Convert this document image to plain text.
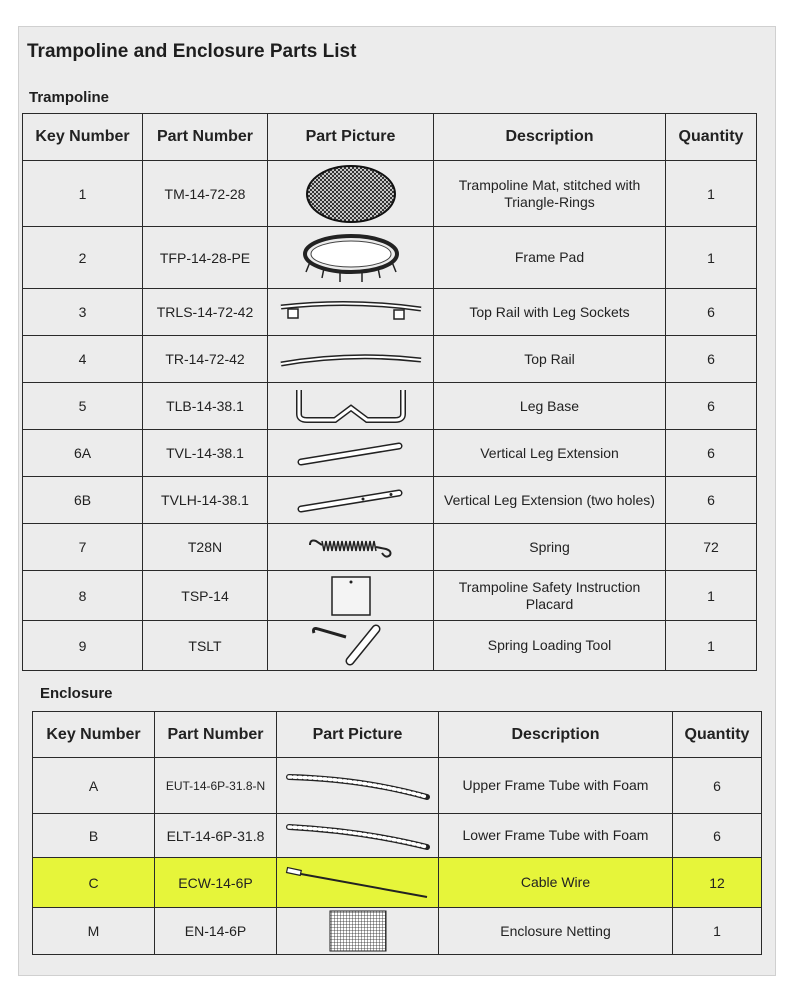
Trampoline and Enclosure Parts List
Trampoline
Key Number	Part Number	Part Picture	Description	Quantity
1	TM-14-72-28		Trampoline Mat, stitched with Triangle-Rings	1
2	TFP-14-28-PE		Frame Pad	1
3	TRLS-14-72-42		Top Rail with Leg Sockets	6
4	TR-14-72-42		Top Rail	6
5	TLB-14-38.1		Leg Base	6
6A	TVL-14-38.1		Vertical Leg Extension	6
6B	TVLH-14-38.1		Vertical Leg Extension (two holes)	6
7	T28N		Spring	72
8	TSP-14		Trampoline Safety Instruction Placard	1
9	TSLT		Spring Loading Tool	1
Enclosure
Key Number	Part Number	Part Picture	Description	Quantity
A	EUT-14-6P-31.8-N		Upper Frame Tube with Foam	6
B	ELT-14-6P-31.8		Lower Frame Tube with Foam	6
C	ECW-14-6P		Cable Wire	12
M	EN-14-6P		Enclosure Netting	1
